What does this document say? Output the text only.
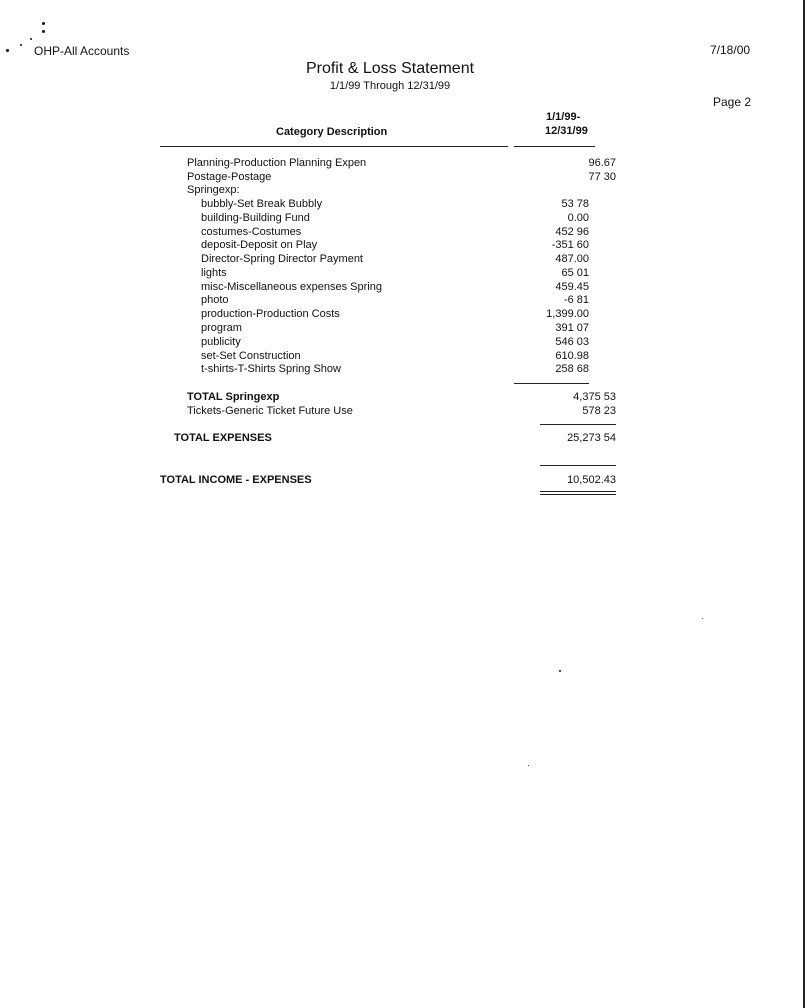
OHP-All Accounts	7/18/00
Page 2
Profit & Loss Statement
1/1/99 Through 12/31/99
Category Description
1/1/99-
12/31/99
Planning-Production Planning Expen	96.67
Postage-Postage	77 30
Springexp:
bubbly-Set Break Bubbly	53 78
building-Building Fund	0.00
costumes-Costumes	452 96
deposit-Deposit on Play	-351 60
Director-Spring Director Payment	487.00
lights	65 01
misc-Miscellaneous expenses Spring	459.45
photo	-6 81
production-Production Costs	1,399.00
program	391 07
publicity	546 03
set-Set Construction	610.98
t-shirts-T-Shirts Spring Show	258 68
TOTAL Springexp	4,375 53
Tickets-Generic Ticket Future Use	578 23
TOTAL EXPENSES	25,273 54
TOTAL INCOME - EXPENSES	10,502.43
